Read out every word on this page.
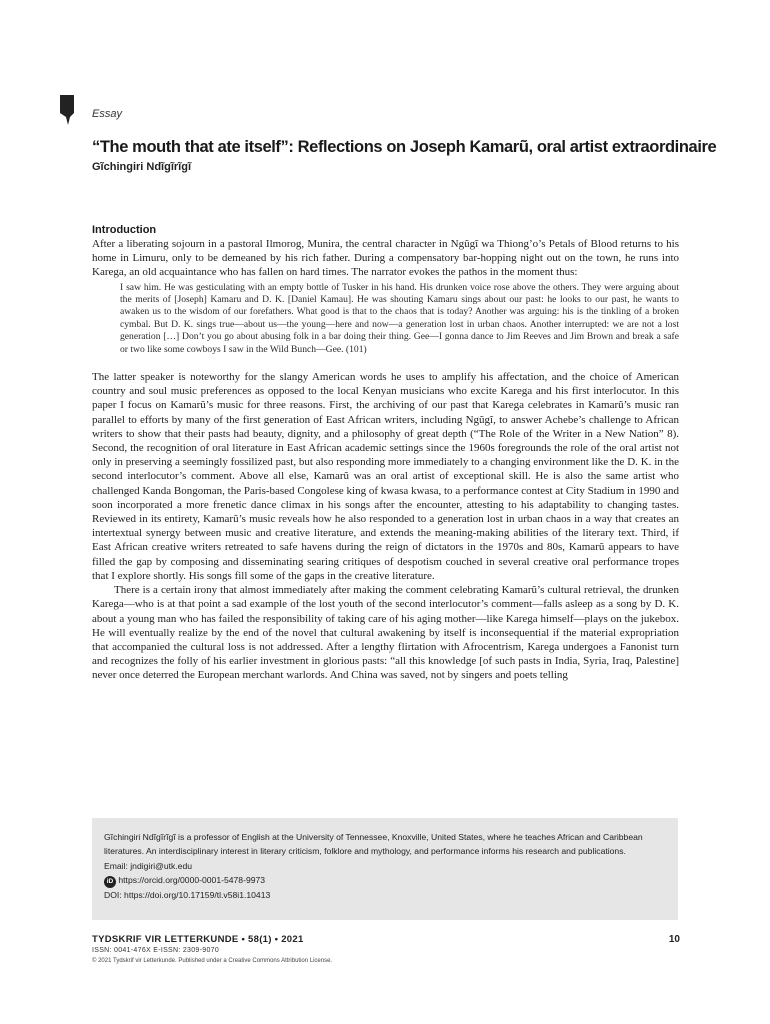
Essay
“The mouth that ate itself”: Reflections on Joseph Kamarũ, oral artist extraordinaire
Gĩchingiri Ndĩgĩrĩgĩ
Introduction

After a liberating sojourn in a pastoral Ilmorog, Munira, the central character in Ngũgĩ wa Thiong’o’s Petals of Blood returns to his home in Limuru, only to be demeaned by his rich father. During a compensatory bar-hopping night out on the town, he runs into Karega, an old acquaintance who has fallen on hard times. The narrator evokes the pathos in the moment thus:

I saw him. He was gesticulating with an empty bottle of Tusker in his hand. His drunken voice rose above the others. They were arguing about the merits of [Joseph] Kamaru and D. K. [Daniel Kamau]. He was shouting Kamaru sings about our past: he looks to our past, he wants to awaken us to the wisdom of our forefathers. What good is that to the chaos that is today? Another was arguing: his is the tinkling of a broken cymbal. But D. K. sings true—about us—the young—here and now—a generation lost in urban chaos. Another interrupted: we are not a lost generation […] Don’t you go about abusing folk in a bar doing their thing. Gee—I gonna dance to Jim Reeves and Jim Brown and break a safe or two like some cowboys I saw in the Wild Bunch—Gee. (101)

The latter speaker is noteworthy for the slangy American words he uses to amplify his affectation, and the choice of American country and soul music preferences as opposed to the local Kenyan musicians who excite Karega and his first interlocutor. In this paper I focus on Kamarũ’s music for three reasons. First, the archiving of our past that Karega celebrates in Kamarũ’s music ran parallel to efforts by many of the first generation of East African writers, including Ngũgĩ, to answer Achebe’s challenge to African writers to show that their pasts had beauty, dignity, and a philosophy of great depth (“The Role of the Writer in a New Nation” 8). Second, the recognition of oral literature in East African academic settings since the 1960s foregrounds the role of the oral artist not only in preserving a seemingly fossilized past, but also responding more immediately to a changing environment like the D. K. in the second interlocutor’s comment. Above all else, Kamarũ was an oral artist of exceptional skill. He is also the same artist who challenged Kanda Bongoman, the Paris-based Congolese king of kwasa kwasa, to a performance contest at City Stadium in 1990 and soon incorporated a more frenetic dance climax in his songs after the encounter, attesting to his adaptability to changing tastes. Reviewed in its entirety, Kamarũ’s music reveals how he also responded to a generation lost in urban chaos in a way that creates an intertextual synergy between music and creative literature, and extends the meaning-making abilities of the literary text. Third, if East African creative writers retreated to safe havens during the reign of dictators in the 1970s and 80s, Kamarũ appears to have filled the gap by composing and disseminating searing critiques of despotism couched in several creative oral performance tropes that I explore shortly. His songs fill some of the gaps in the creative literature.

There is a certain irony that almost immediately after making the comment celebrating Kamarũ’s cultural retrieval, the drunken Karega—who is at that point a sad example of the lost youth of the second interlocutor’s comment—falls asleep as a song by D. K. about a young man who has failed the responsibility of taking care of his aging mother—like Karega himself—plays on the jukebox. He will eventually realize by the end of the novel that cultural awakening by itself is inconsequential if the material expropriation that accompanied the cultural loss is not addressed. After a lengthy flirtation with Afrocentrism, Karega undergoes a Fanonist turn and recognizes the folly of his earlier investment in glorious pasts: “all this knowledge [of such pasts in India, Syria, Iraq, Palestine] never once deterred the European merchant warlords. And China was saved, not by singers and poets telling

Gĩchingiri Ndĩgĩrĩgĩ is a professor of English at the University of Tennessee, Knoxville, United States, where he teaches African and Caribbean literatures. An interdisciplinary interest in literary criticism, folklore and mythology, and performance informs his research and publications.
Email: jndigiri@utk.edu
iD https://orcid.org/0000-0001-5478-9973
DOI: https://doi.org/10.17159/tl.v58i1.10413
TYDSKRIF VIR LETTERKUNDE • 58(1) • 2021	10
ISSN: 0041-476X E-ISSN: 2309-9070
© 2021 Tydskrif vir Letterkunde. Published under a Creative Commons Attribution License.
